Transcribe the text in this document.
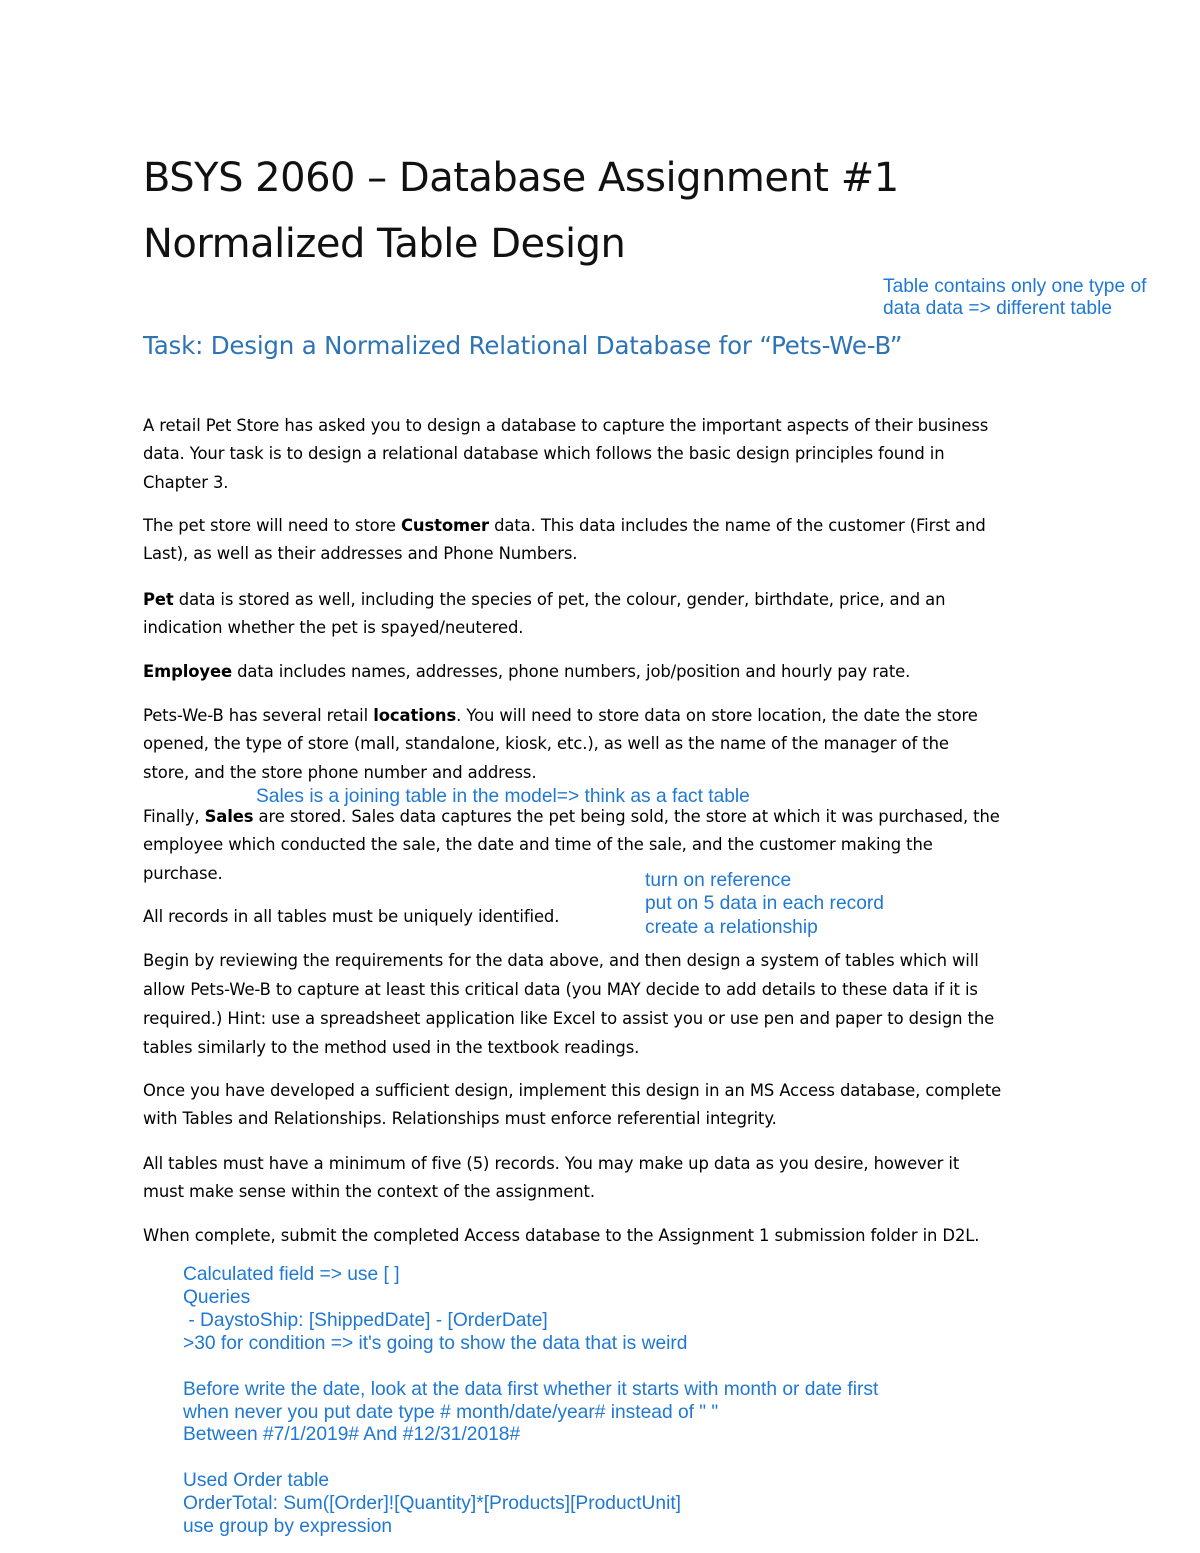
BSYS 2060 – Database Assignment #1
Normalized Table Design
Table contains only one type of
data data => different table
Task: Design a Normalized Relational Database for “Pets-We-B”
A retail Pet Store has asked you to design a database to capture the important aspects of their business
data. Your task is to design a relational database which follows the basic design principles found in
Chapter 3.
The pet store will need to store Customer data. This data includes the name of the customer (First and
Last), as well as their addresses and Phone Numbers.
Pet data is stored as well, including the species of pet, the colour, gender, birthdate, price, and an
indication whether the pet is spayed/neutered.
Employee data includes names, addresses, phone numbers, job/position and hourly pay rate.
Pets-We-B has several retail locations. You will need to store data on store location, the date the store
opened, the type of store (mall, standalone, kiosk, etc.), as well as the name of the manager of the
store, and the store phone number and address.
Sales is a joining table in the model=> think as a fact table
Finally, Sales are stored. Sales data captures the pet being sold, the store at which it was purchased, the
employee which conducted the sale, the date and time of the sale, and the customer making the
purchase.	turn on reference
put on 5 data in each record
create a relationship
All records in all tables must be uniquely identified.
Begin by reviewing the requirements for the data above, and then design a system of tables which will
allow Pets-We-B to capture at least this critical data (you MAY decide to add details to these data if it is
required.) Hint: use a spreadsheet application like Excel to assist you or use pen and paper to design the
tables similarly to the method used in the textbook readings.
Once you have developed a sufficient design, implement this design in an MS Access database, complete
with Tables and Relationships. Relationships must enforce referential integrity.
All tables must have a minimum of five (5) records. You may make up data as you desire, however it
must make sense within the context of the assignment.
When complete, submit the completed Access database to the Assignment 1 submission folder in D2L.
Calculated field => use [ ]
Queries
- DaystoShip: [ShippedDate] - [OrderDate]
>30 for condition => it's going to show the data that is weird
Before write the date, look at the data first whether it starts with month or date first
when never you put date type # month/date/year# instead of " "
Between #7/1/2019# And #12/31/2018#
Used Order table
OrderTotal: Sum([Order]![Quantity]*[Products][ProductUnit]
use group by expression
